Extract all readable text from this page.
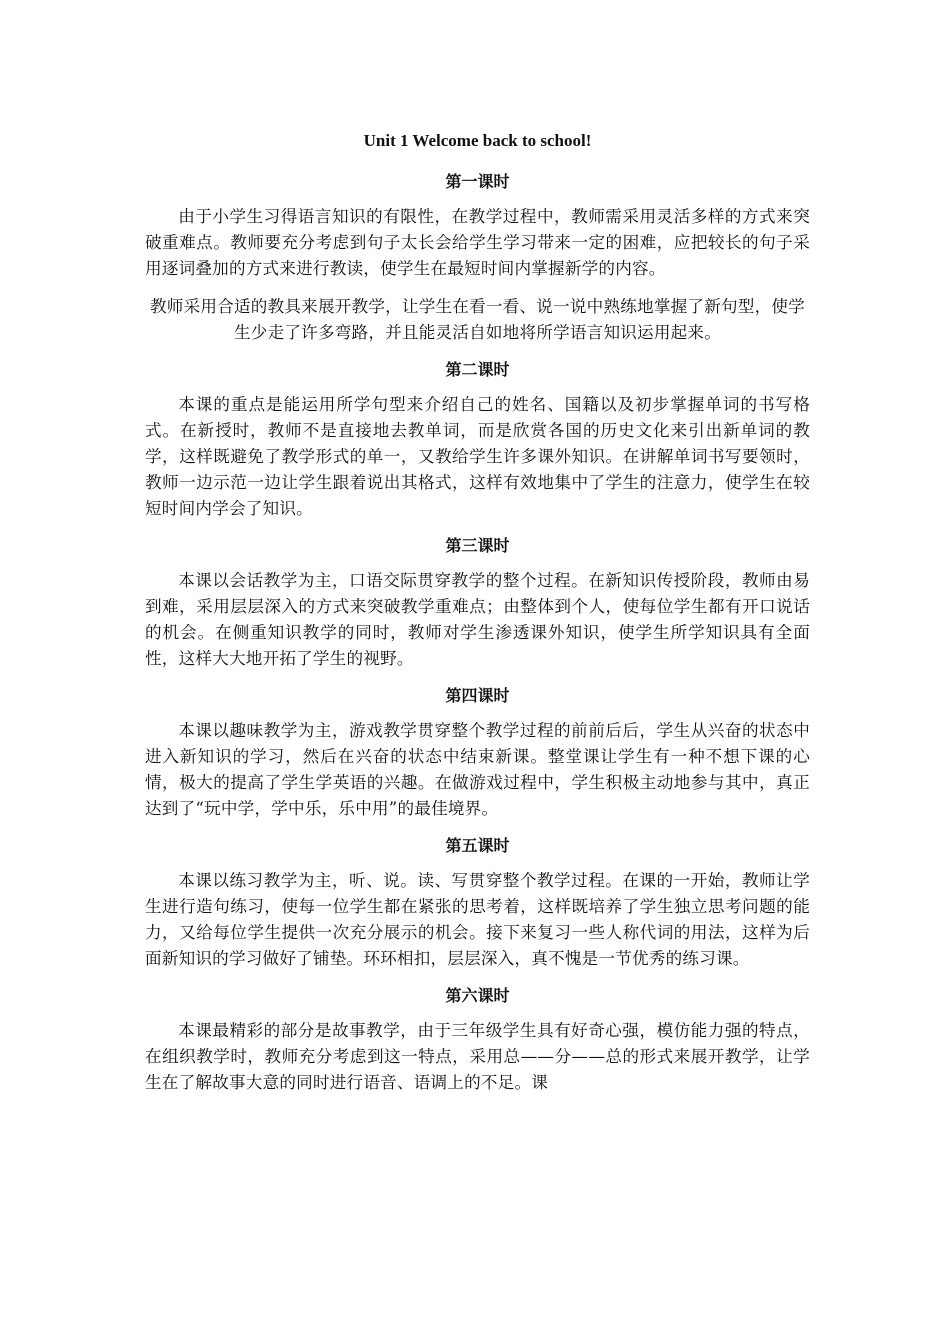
Unit 1 Welcome back to school!
第一课时

由于小学生习得语言知识的有限性，在教学过程中，教师需采用灵活多样的方式来突破重难点。教师要充分考虑到句子太长会给学生学习带来一定的困难，应把较长的句子采用逐词叠加的方式来进行教读，使学生在最短时间内掌握新学的内容。

教师采用合适的教具来展开教学，让学生在看一看、说一说中熟练地掌握了新句型，使学生少走了许多弯路，并且能灵活自如地将所学语言知识运用起来。

第二课时

本课的重点是能运用所学句型来介绍自己的姓名、国籍以及初步掌握单词的书写格式。在新授时，教师不是直接地去教单词，而是欣赏各国的历史文化来引出新单词的教学，这样既避免了教学形式的单一，又教给学生许多课外知识。在讲解单词书写要领时，教师一边示范一边让学生跟着说出其格式，这样有效地集中了学生的注意力，使学生在较短时间内学会了知识。

第三课时

本课以会话教学为主，口语交际贯穿教学的整个过程。在新知识传授阶段，教师由易到难，采用层层深入的方式来突破教学重难点；由整体到个人，使每位学生都有开口说话的机会。在侧重知识教学的同时，教师对学生渗透课外知识，使学生所学知识具有全面性，这样大大地开拓了学生的视野。

第四课时

本课以趣味教学为主，游戏教学贯穿整个教学过程的前前后后，学生从兴奋的状态中进入新知识的学习，然后在兴奋的状态中结束新课。整堂课让学生有一种不想下课的心情，极大的提高了学生学英语的兴趣。在做游戏过程中，学生积极主动地参与其中，真正达到了“玩中学，学中乐，乐中用”的最佳境界。

第五课时

本课以练习教学为主，听、说。读、写贯穿整个教学过程。在课的一开始，教师让学生进行造句练习，使每一位学生都在紧张的思考着，这样既培养了学生独立思考问题的能力，又给每位学生提供一次充分展示的机会。接下来复习一些人称代词的用法，这样为后面新知识的学习做好了铺垫。环环相扣，层层深入，真不愧是一节优秀的练习课。

第六课时

本课最精彩的部分是故事教学，由于三年级学生具有好奇心强，模仿能力强的特点，在组织教学时，教师充分考虑到这一特点，采用总——分——总的形式来展开教学，让学生在了解故事大意的同时进行语音、语调上的不足。课
